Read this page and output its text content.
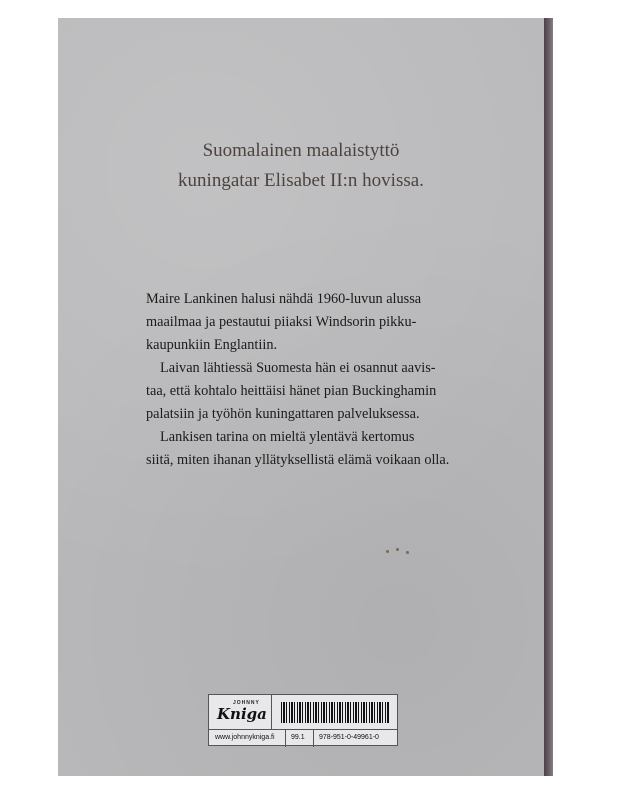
Suomalainen maalaistyttö
kuningatar Elisabet II:n hovissa.
Maire Lankinen halusi nähdä 1960-luvun alussa
maailmaa ja pestautui piiaksi Windsorin pikku-
kaupunkiin Englantiin.
Laivan lähtiessä Suomesta hän ei osannut aavis-
taa, että kohtalo heittäisi hänet pian Buckinghamin
palatsiin ja työhön kuningattaren palveluksessa.
Lankisen tarina on mieltä ylentävä kertomus
siitä, miten ihanan yllätyksellistä elämä voikaan olla.
JOHNNY
Kniga
www.johnnykniga.fi 99.1 978-951-0-49961-0
